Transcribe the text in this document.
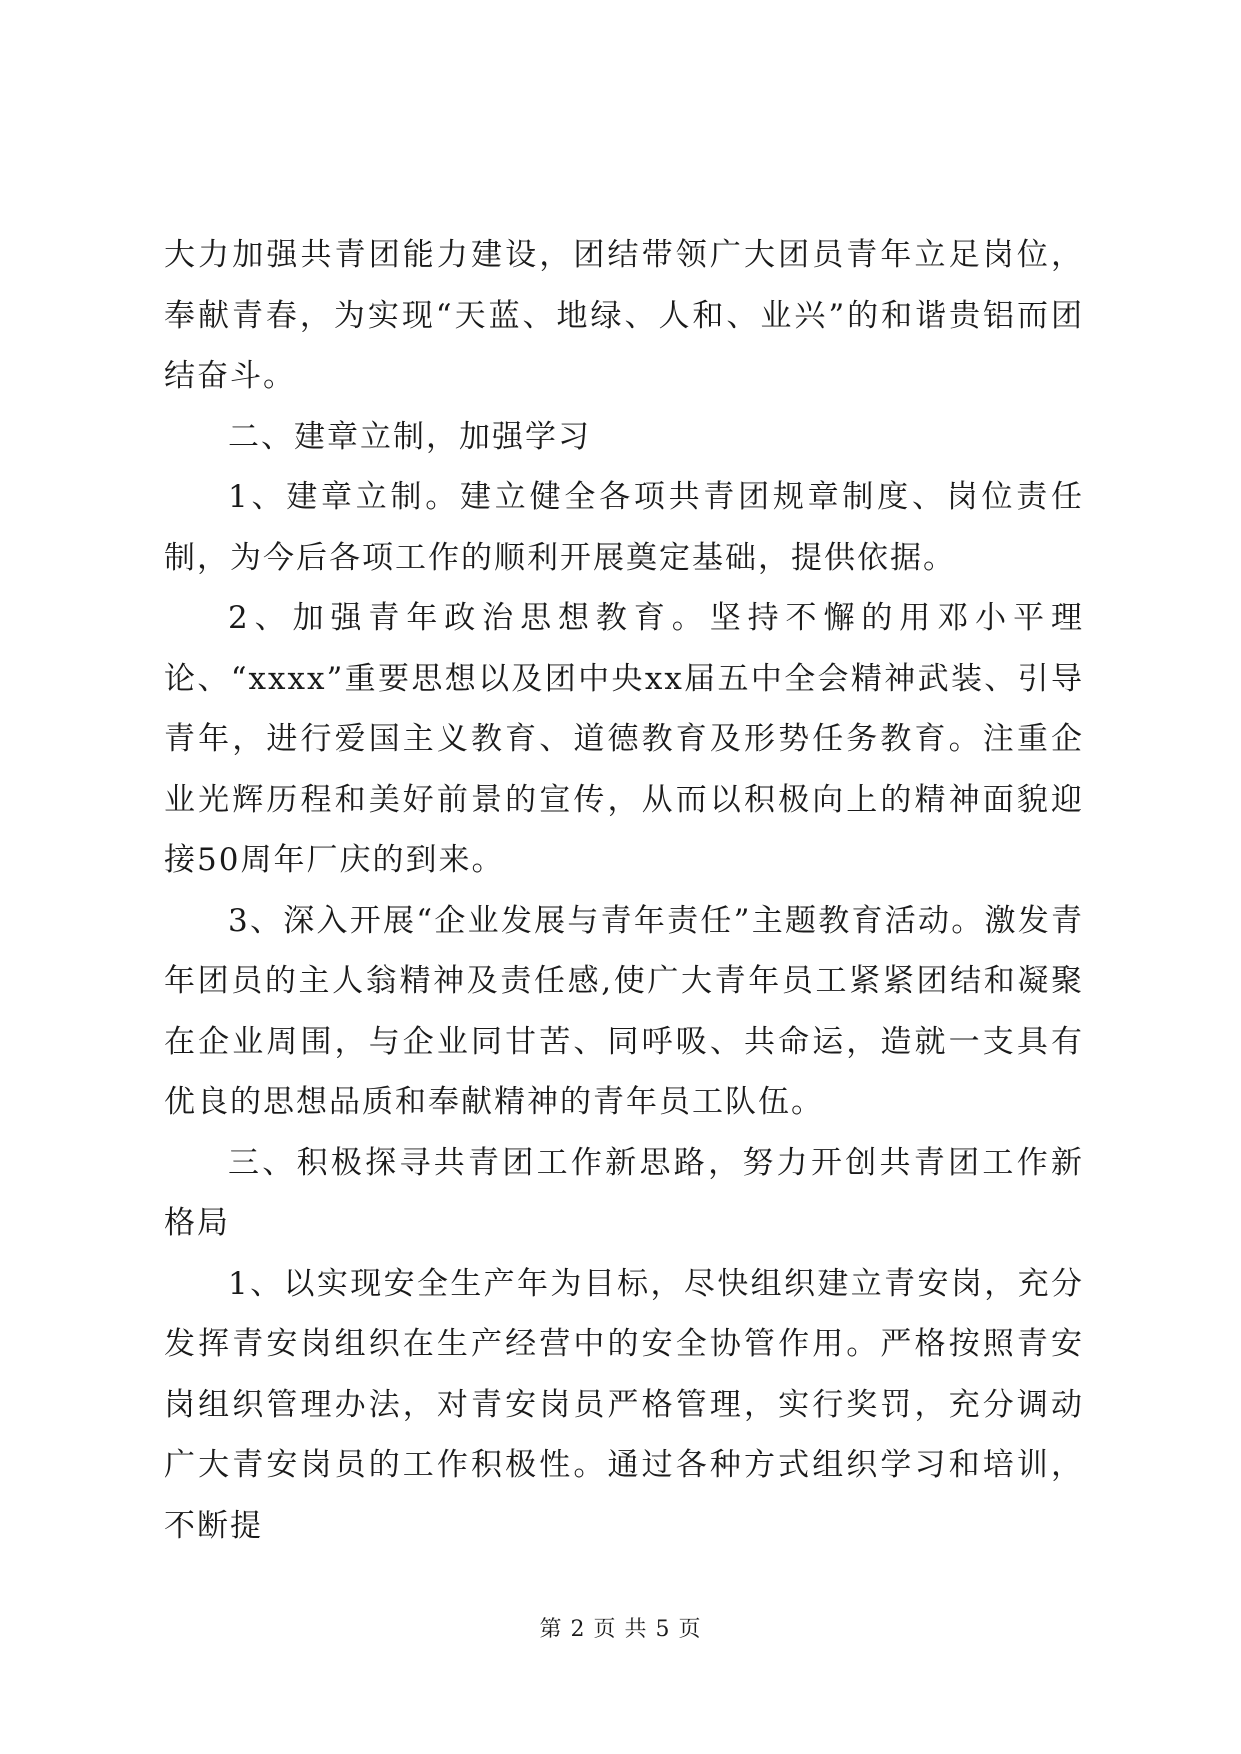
大力加强共青团能力建设，团结带领广大团员青年立足岗位，奉献青春，为实现“天蓝、地绿、人和、业兴”的和谐贵铝而团结奋斗。

二、建章立制，加强学习

1、建章立制。建立健全各项共青团规章制度、岗位责任制，为今后各项工作的顺利开展奠定基础，提供依据。

2、加强青年政治思想教育。坚持不懈的用邓小平理论、“xxxx”重要思想以及团中央xx届五中全会精神武装、引导青年，进行爱国主义教育、道德教育及形势任务教育。注重企业光辉历程和美好前景的宣传，从而以积极向上的精神面貌迎接50周年厂庆的到来。

3、深入开展“企业发展与青年责任”主题教育活动。激发青年团员的主人翁精神及责任感,使广大青年员工紧紧团结和凝聚在企业周围，与企业同甘苦、同呼吸、共命运，造就一支具有优良的思想品质和奉献精神的青年员工队伍。

三、积极探寻共青团工作新思路，努力开创共青团工作新格局

1、以实现安全生产年为目标，尽快组织建立青安岗，充分发挥青安岗组织在生产经营中的安全协管作用。严格按照青安岗组织管理办法，对青安岗员严格管理，实行奖罚，充分调动广大青安岗员的工作积极性。通过各种方式组织学习和培训，不断提

第 2 页 共 5 页
